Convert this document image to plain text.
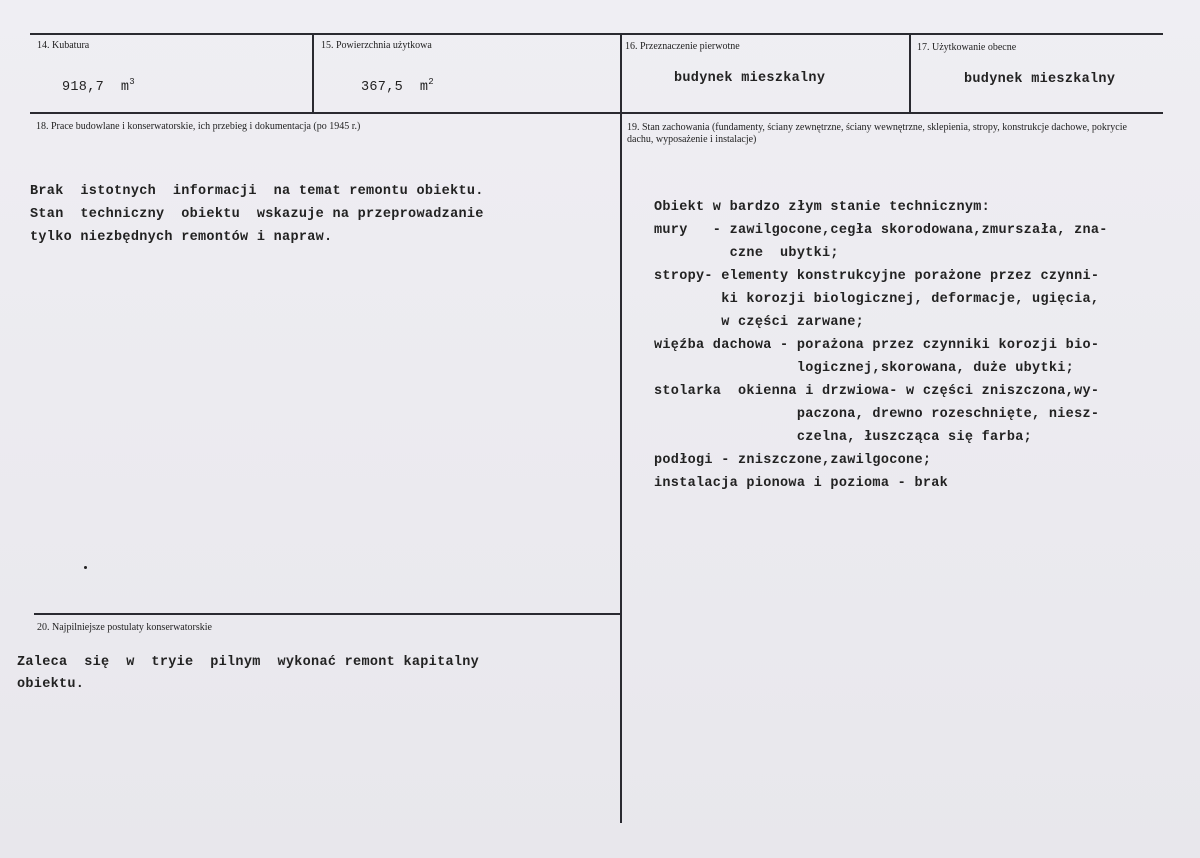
14. Kubatura
918,7 $m^3$
15. Powierzchnia użytkowa
367,5 $m^2$
16. Przeznaczenie pierwotne
budynek mieszkalny
17. Użytkowanie obecne
budynek mieszkalny
18. Prace budowlane i konserwatorskie, ich przebieg i dokumentacja (po 1945 r.)
Brak  istotnych  informacji  na temat remontu obiektu.
Stan  techniczny  obiektu  wskazuje na przeprowadzanie
tylko niezbędnych remontów i napraw.
19. Stan zachowania (fundamenty, ściany zewnętrzne, ściany wewnętrzne, sklepienia, stropy, konstrukcje dachowe, pokrycie dachu, wyposażenie i instalacje)
Obiekt w bardzo złym stanie technicznym:
mury   - zawilgocone,cegła skorodowana,zmurszała, zna-
czne  ubytki;
stropy- elementy konstrukcyjne porażone przez czynni-
ki korozji biologicznej, deformacje, ugięcia,
w części zarwane;
więźba dachowa - porażona przez czynniki korozji bio-
logicznej,skorowana, duże ubytki;
stolarka  okienna i drzwiowa- w części zniszczona,wy-
paczona, drewno rozeschnięte, niesz-
czelna, łuszcząca się farba;
podłogi - zniszczone,zawilgocone;
instalacja pionowa i pozioma - brak
20. Najpilniejsze postulaty konserwatorskie
Zaleca  się  w  tryie  pilnym  wykonać remont kapitalny
obiektu.
